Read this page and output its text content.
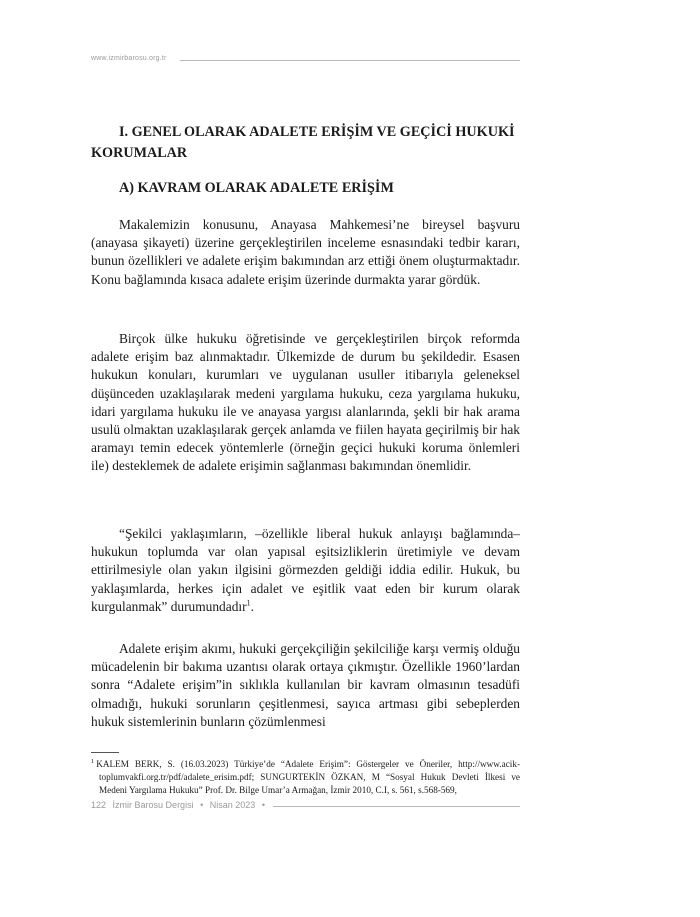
www.izmirbarosu.org.tr
I. GENEL OLARAK ADALETE ERİŞİM VE GEÇİCİ HUKUKİ KORUMALAR
A) KAVRAM OLARAK ADALETE ERİŞİM

Makalemizin konusunu, Anayasa Mahkemesi’ne bireysel başvuru (anayasa şikayeti) üzerine gerçekleştirilen inceleme esnasındaki tedbir kararı, bunun özellikleri ve adalete erişim bakımından arz ettiği önem oluşturmaktadır. Konu bağlamında kısaca adalete erişim üzerinde durmakta yarar gördük.

Birçok ülke hukuku öğretisinde ve gerçekleştirilen birçok reformda adalete erişim baz alınmaktadır. Ülkemizde de durum bu şekildedir. Esasen hukukun konuları, kurumları ve uygulanan usuller itibarıyla geleneksel düşünceden uzaklaşılarak medeni yargılama hukuku, ceza yargılama hukuku, idari yargılama hukuku ile ve anayasa yargısı alanlarında, şekli bir hak arama usulü olmaktan uzaklaşılarak gerçek anlamda ve fiilen hayata geçirilmiş bir hak aramayı temin edecek yöntemlerle (örneğin geçici hukuki koruma önlemleri ile) desteklemek de adalete erişimin sağlanması bakımından önemlidir.

“Şekilci yaklaşımların, –özellikle liberal hukuk anlayışı bağlamında– hukukun toplumda var olan yapısal eşitsizliklerin üretimiyle ve devam ettirilmesiyle olan yakın ilgisini görmezden geldiği iddia edilir. Hukuk, bu yaklaşımlarda, herkes için adalet ve eşitlik vaat eden bir kurum olarak kurgulanmak” durumundadır$^1$.

Adalete erişim akımı, hukuki gerçekçiliğin şekilciliğe karşı vermiş olduğu mücadelenin bir bakıma uzantısı olarak ortaya çıkmıştır. Özellikle 1960’lardan sonra “Adalete erişim”in sıklıkla kullanılan bir kavram olmasının tesadüfi olmadığı, hukuki sorunların çeşitlenmesi, sayıca artması gibi sebeplerden hukuk sistemlerinin bunların çözümlenmesi

$^1$ KALEM BERK, S. (16.03.2023) Türkiye’de “Adalete Erişim”: Göstergeler ve Öneriler, http://www.aciktoplumvakfi.org.tr/pdf/adalete_erisim.pdf; SUNGURTEKİN ÖZKAN, M “Sosyal Hukuk Devleti İlkesi ve Medeni Yargılama Hukuku” Prof. Dr. Bilge Umar’a Armağan, İzmir 2010, C.I, s. 561, s.568-569,

122 İzmir Barosu Dergisi • Nisan 2023 •
